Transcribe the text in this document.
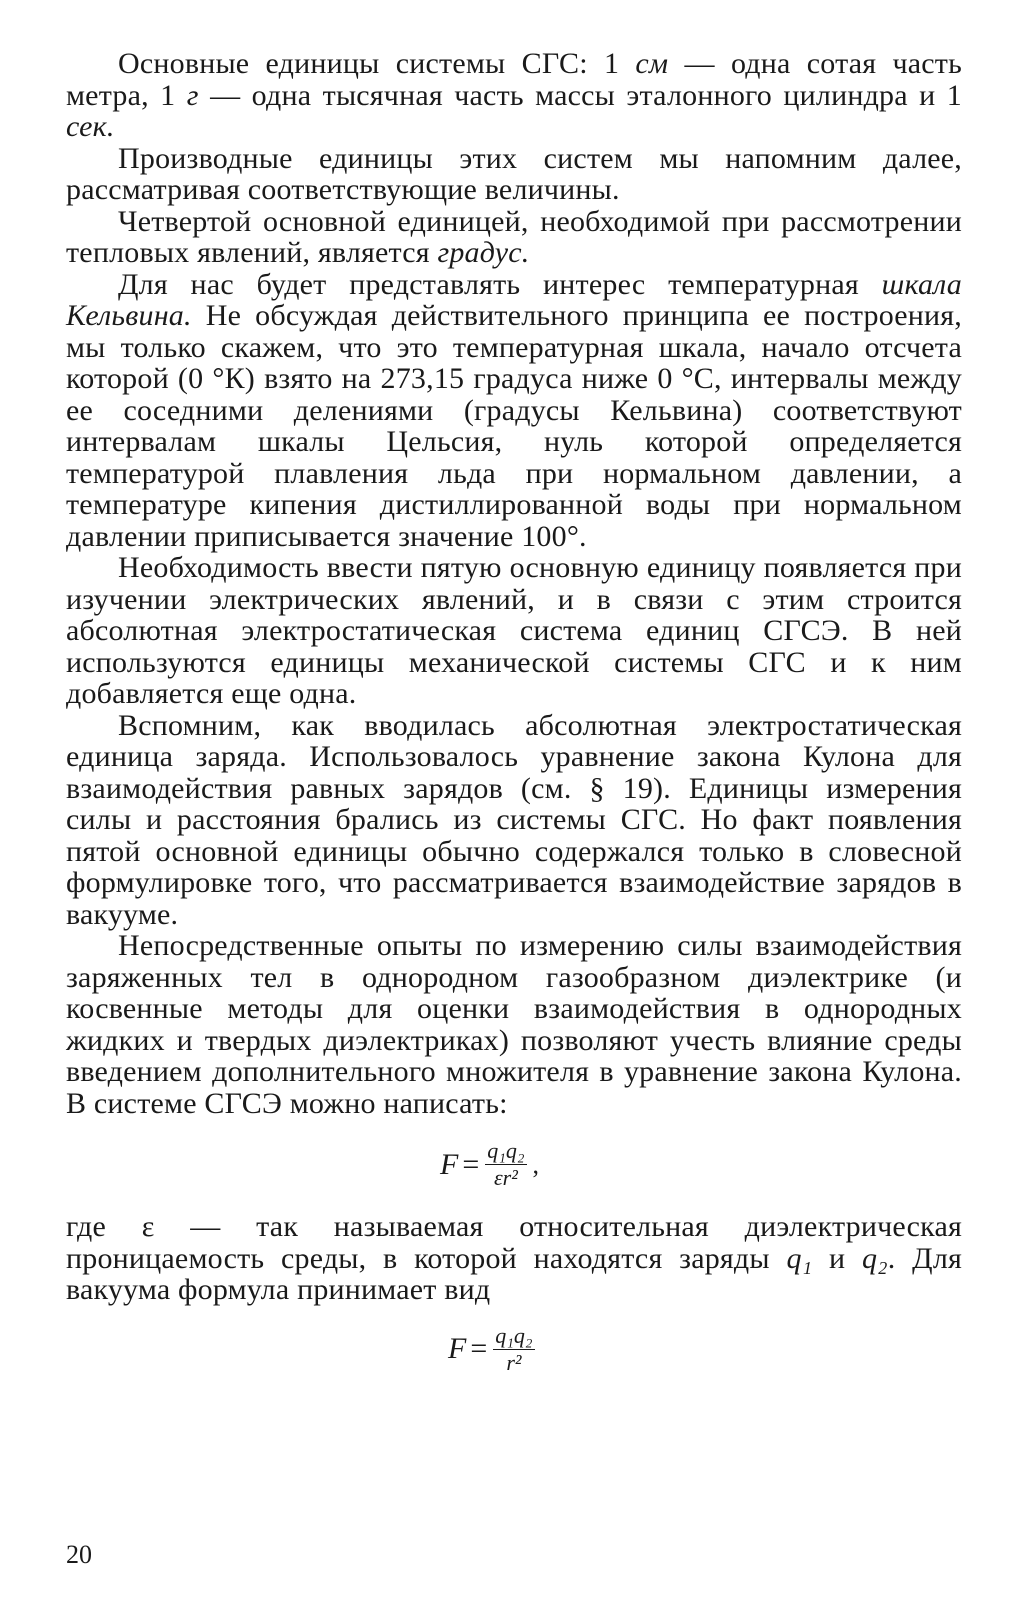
Основные единицы системы СГС: 1 см — одна сотая часть метра, 1 г — одна тысячная часть массы эталонного цилиндра и 1 сек.

Производные единицы этих систем мы напомним далее, рассматривая соответствующие величины.

Четвертой основной единицей, необходимой при рассмотрении тепловых явлений, является градус.

Для нас будет представлять интерес температурная шкала Кельвина. Не обсуждая действительного принципа ее построения, мы только скажем, что это температурная шкала, начало отсчета которой (0 °К) взято на 273,15 градуса ниже 0 °С, интервалы между ее соседними делениями (градусы Кельвина) соответствуют интервалам шкалы Цельсия, нуль которой определяется температурой плавления льда при нормальном давлении, а температуре кипения дистиллированной воды при нормальном давлении приписывается значение 100°.

Необходимость ввести пятую основную единицу появляется при изучении электрических явлений, и в связи с этим строится абсолютная электростатическая система единиц СГСЭ. В ней используются единицы механической системы СГС и к ним добавляется еще одна.

Вспомним, как вводилась абсолютная электростатическая единица заряда. Использовалось уравнение закона Кулона для взаимодействия равных зарядов (см. § 19). Единицы измерения силы и расстояния брались из системы СГС. Но факт появления пятой основной единицы обычно содержался только в словесной формулировке того, что рассматривается взаимодействие зарядов в вакууме.

Непосредственные опыты по измерению силы взаимодействия заряженных тел в однородном газообразном диэлектрике (и косвенные методы для оценки взаимодействия в однородных жидких и твердых диэлектриках) позволяют учесть влияние среды введением дополнительного множителя в уравнение закона Кулона. В системе СГСЭ можно написать:

$F = \frac{\text{q₁q₂}}{\text{εr²}}$ ,

где ε — так называемая относительная диэлектрическая проницаемость среды, в которой находятся заряды q₁ и q₂. Для вакуума формула принимает вид

$F = \frac{\text{q₁q₂}}{\text{r²}}$
20
